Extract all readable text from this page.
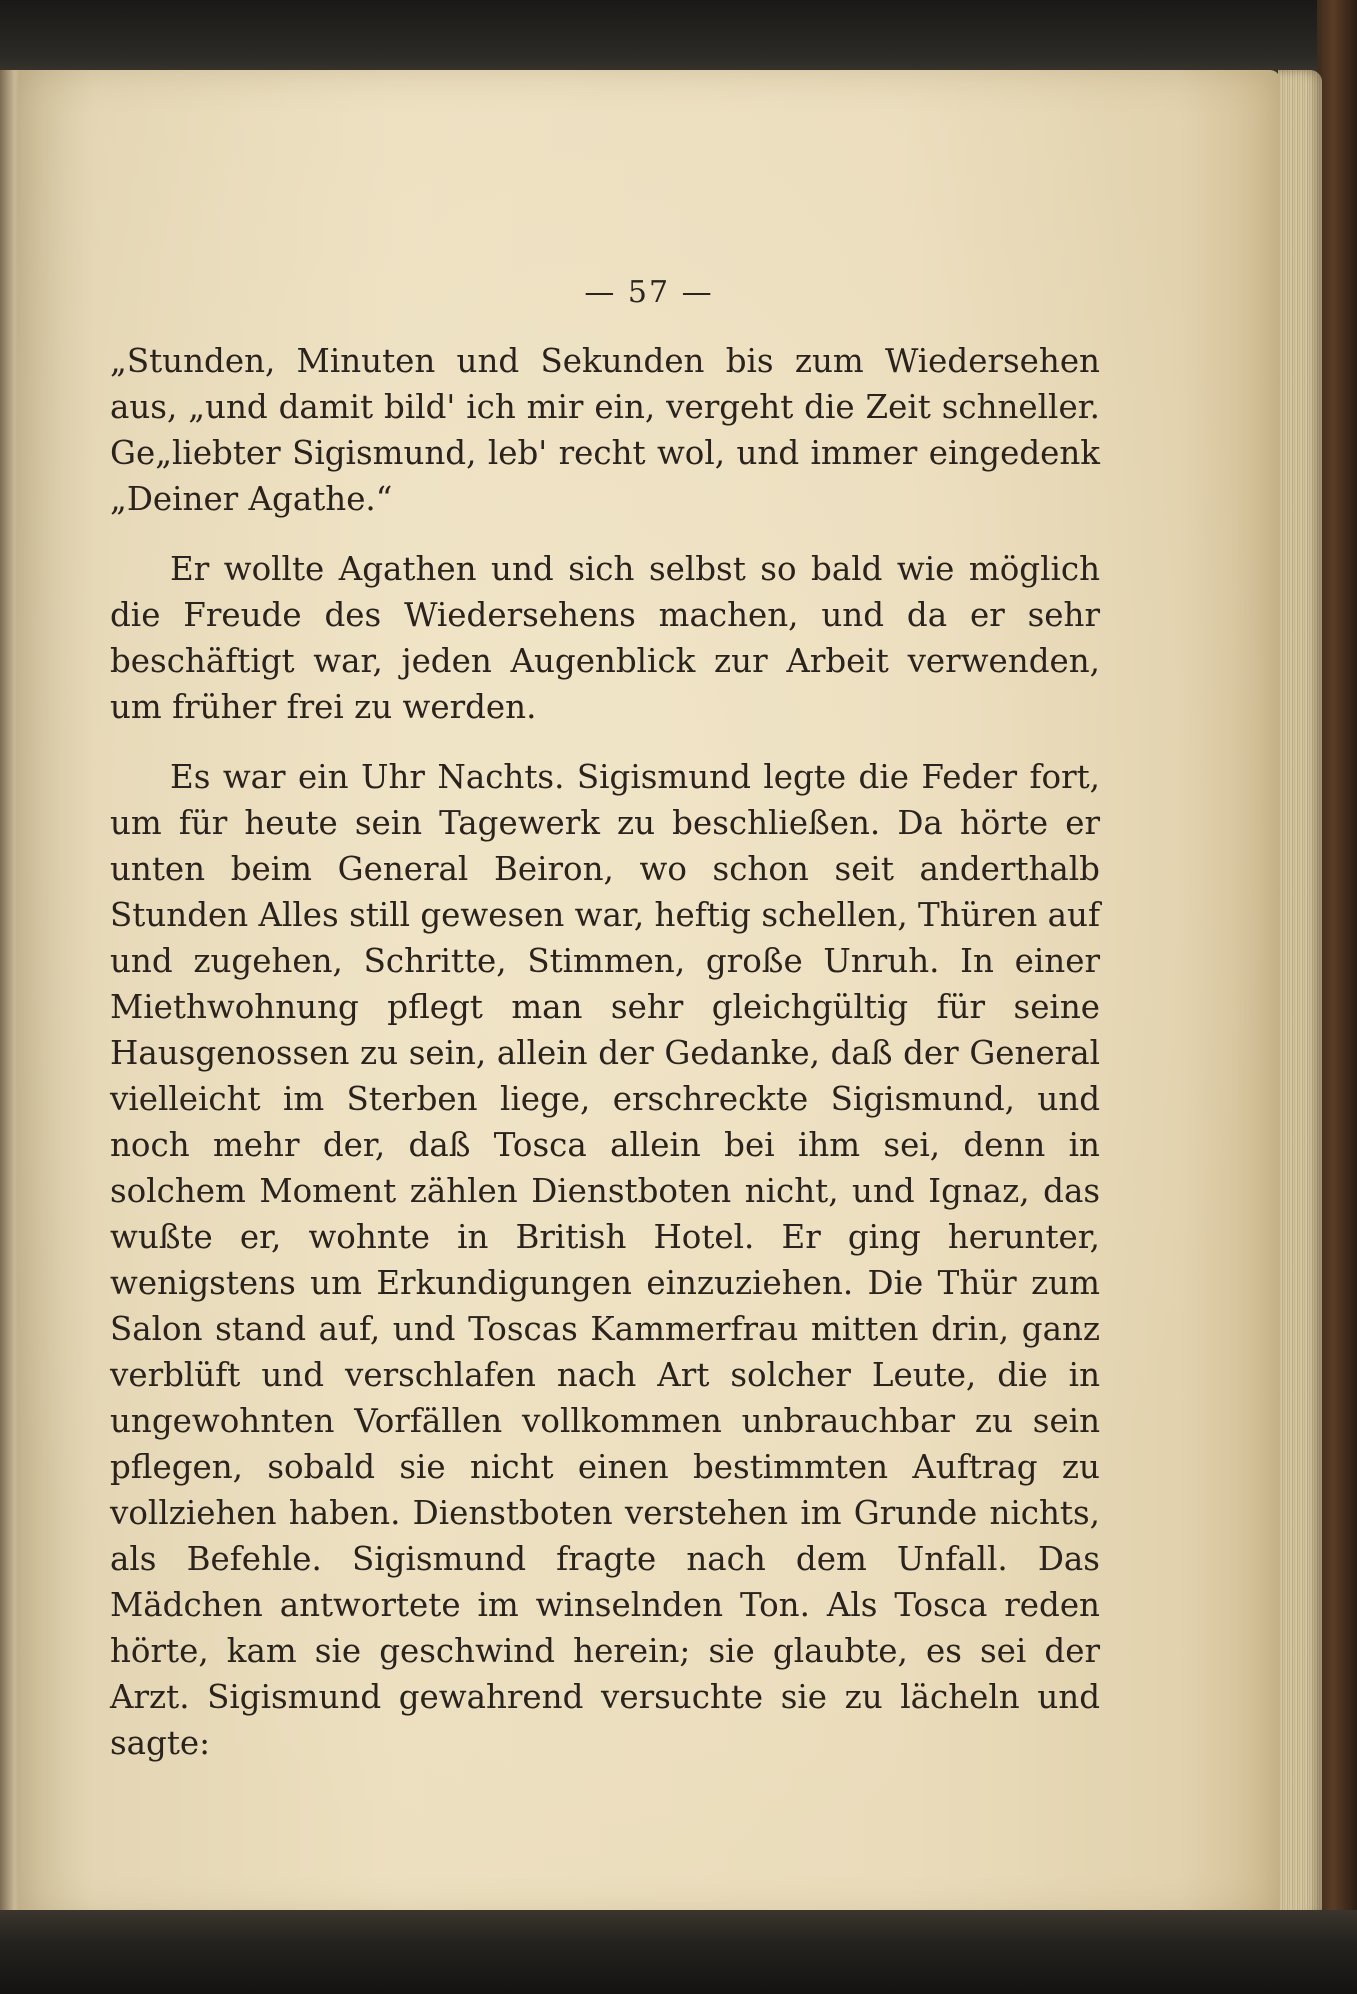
— 57 —

„Stunden, Minuten und Sekunden bis zum Wiedersehen aus, „und damit bild' ich mir ein, vergeht die Zeit schneller. Ge„liebter Sigismund, leb' recht wol, und immer eingedenk „Deiner Agathe.“

Er wollte Agathen und sich selbst so bald wie möglich die Freude des Wiedersehens machen, und da er sehr beschäftigt war, jeden Augenblick zur Arbeit verwenden, um früher frei zu werden.

Es war ein Uhr Nachts. Sigismund legte die Feder fort, um für heute sein Tagewerk zu beschließen. Da hörte er unten beim General Beiron, wo schon seit anderthalb Stunden Alles still gewesen war, heftig schellen, Thüren auf und zugehen, Schritte, Stimmen, große Unruh. In einer Miethwohnung pflegt man sehr gleichgültig für seine Hausgenossen zu sein, allein der Gedanke, daß der General vielleicht im Sterben liege, erschreckte Sigismund, und noch mehr der, daß Tosca allein bei ihm sei, denn in solchem Moment zählen Dienstboten nicht, und Ignaz, das wußte er, wohnte in British Hotel. Er ging herunter, wenigstens um Erkundigungen einzuziehen. Die Thür zum Salon stand auf, und Toscas Kammerfrau mitten drin, ganz verblüft und verschlafen nach Art solcher Leute, die in ungewohnten Vorfällen vollkommen unbrauchbar zu sein pflegen, sobald sie nicht einen bestimmten Auftrag zu vollziehen haben. Dienstboten verstehen im Grunde nichts, als Befehle. Sigismund fragte nach dem Unfall. Das Mädchen antwortete im winselnden Ton. Als Tosca reden hörte, kam sie geschwind herein; sie glaubte, es sei der Arzt. Sigismund gewahrend versuchte sie zu lächeln und sagte:
